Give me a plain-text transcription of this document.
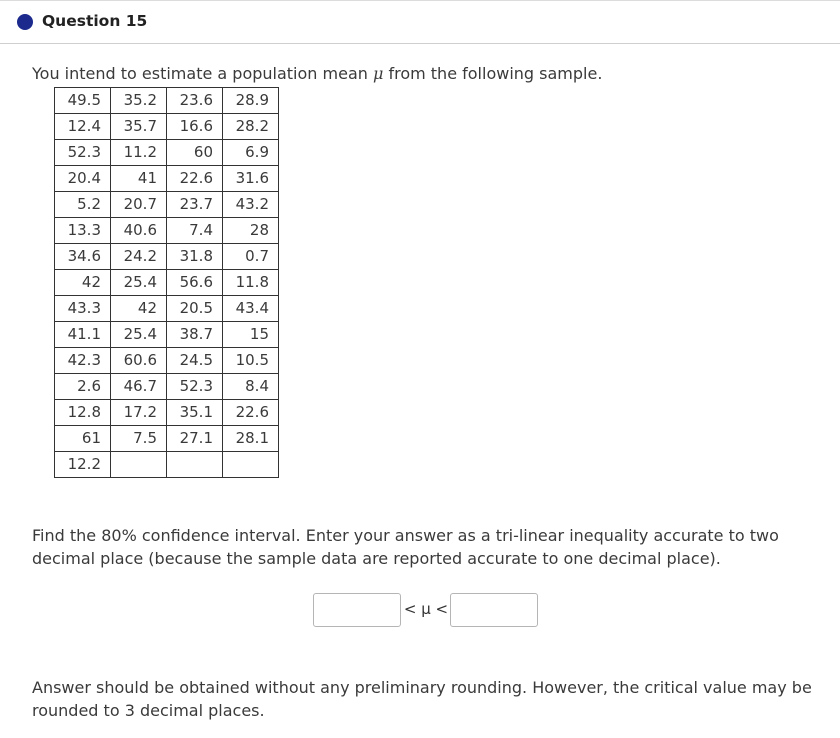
Question 15
You intend to estimate a population mean μ from the following sample.
49.5	35.2	23.6	28.9
12.4	35.7	16.6	28.2
52.3	11.2	60	6.9
20.4	41	22.6	31.6
5.2	20.7	23.7	43.2
13.3	40.6	7.4	28
34.6	24.2	31.8	0.7
42	25.4	56.6	11.8
43.3	42	20.5	43.4
41.1	25.4	38.7	15
42.3	60.6	24.5	10.5
2.6	46.7	52.3	8.4
12.8	17.2	35.1	22.6
61	7.5	27.1	28.1
12.2			
Find the 80% confidence interval. Enter your answer as a tri-linear inequality accurate to two decimal place (because the sample data are reported accurate to one decimal place).
< μ <
Answer should be obtained without any preliminary rounding. However, the critical value may be rounded to 3 decimal places.
